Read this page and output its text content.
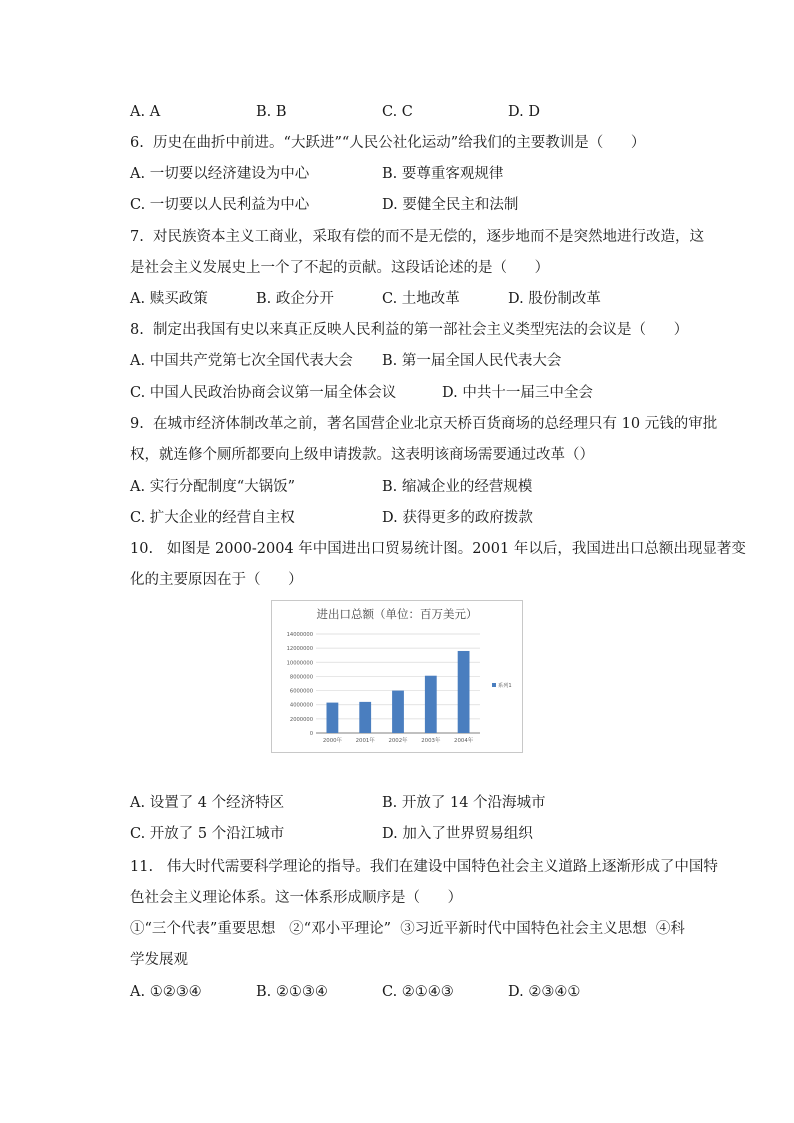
A. A	B. B	C. C	D. D
6.  历史在曲折中前进。“大跃进”“人民公社化运动”给我们的主要教训是（      ）
A. 一切要以经济建设为中心	B. 要尊重客观规律
C. 一切要以人民利益为中心	D. 要健全民主和法制
7.  对民族资本主义工商业，采取有偿的而不是无偿的，逐步地而不是突然地进行改造，这
是社会主义发展史上一个了不起的贡献。这段话论述的是（      ）
A. 赎买政策	B. 政企分开	C. 土地改革	D. 股份制改革
8.  制定出我国有史以来真正反映人民利益的第一部社会主义类型宪法的会议是（      ）
A. 中国共产党第七次全国代表大会 B. 第一届全国人民代表大会
C. 中国人民政治协商会议第一届全体会议	D. 中共十一届三中全会
9.  在城市经济体制改革之前，著名国营企业北京天桥百货商场的总经理只有 10 元钱的审批
权，就连修个厕所都要向上级申请拨款。这表明该商场需要通过改革（）
A. 实行分配制度“大锅饭”	B. 缩减企业的经营规模
C. 扩大企业的经营自主权	D. 获得更多的政府拨款
10.   如图是 2000-2004 年中国进出口贸易统计图。2001 年以后，我国进出口总额出现显著变
化的主要原因在于（      ）
进出口总额（单位：百万美元）
0
2000000
4000000
6000000
8000000
10000000
12000000
14000000
2000年	2001年	2002年	2003年	2004年
系列1
A. 设置了 4 个经济特区	B. 开放了 14 个沿海城市
C. 开放了 5 个沿江城市	D. 加入了世界贸易组织
11.   伟大时代需要科学理论的指导。我们在建设中国特色社会主义道路上逐渐形成了中国特
色社会主义理论体系。这一体系形成顺序是（      ）
①“三个代表”重要思想   ②“邓小平理论”  ③习近平新时代中国特色社会主义思想  ④科
学发展观
A. ①②③④	B. ②①③④	C. ②①④③	D. ②③④①
